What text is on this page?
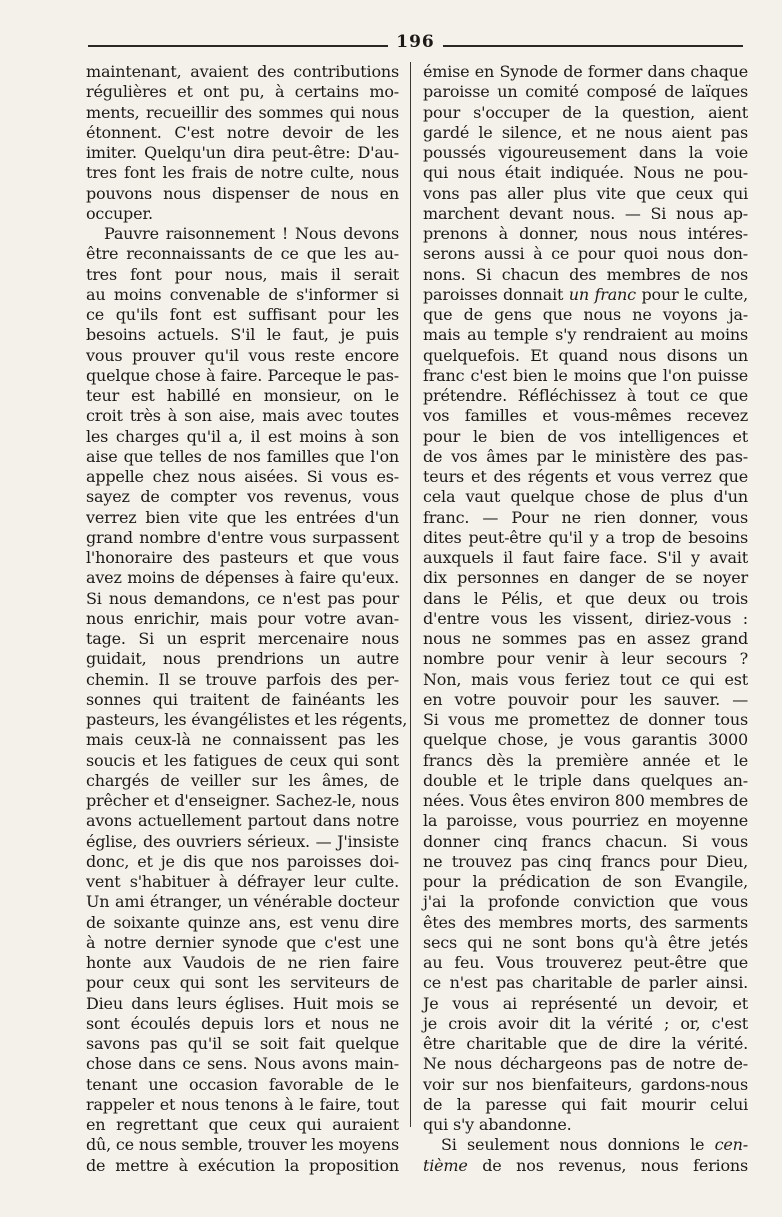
196
maintenant, avaient des contributions
régulières et ont pu, à certains mo-
ments, recueillir des sommes qui nous
étonnent. C'est notre devoir de les
imiter. Quelqu'un dira peut-être: D'au-
tres font les frais de notre culte, nous
pouvons nous dispenser de nous en
occuper.
Pauvre raisonnement ! Nous devons
être reconnaissants de ce que les au-
tres font pour nous, mais il serait
au moins convenable de s'informer si
ce qu'ils font est suffisant pour les
besoins actuels. S'il le faut, je puis
vous prouver qu'il vous reste encore
quelque chose à faire. Parceque le pas-
teur est habillé en monsieur, on le
croit très à son aise, mais avec toutes
les charges qu'il a, il est moins à son
aise que telles de nos familles que l'on
appelle chez nous aisées. Si vous es-
sayez de compter vos revenus, vous
verrez bien vite que les entrées d'un
grand nombre d'entre vous surpassent
l'honoraire des pasteurs et que vous
avez moins de dépenses à faire qu'eux.
Si nous demandons, ce n'est pas pour
nous enrichir, mais pour votre avan-
tage. Si un esprit mercenaire nous
guidait, nous prendrions un autre
chemin. Il se trouve parfois des per-
sonnes qui traitent de fainéants les
pasteurs, les évangélistes et les régents,
mais ceux-là ne connaissent pas les
soucis et les fatigues de ceux qui sont
chargés de veiller sur les âmes, de
prêcher et d'enseigner. Sachez-le, nous
avons actuellement partout dans notre
église, des ouvriers sérieux. — J'insiste
donc, et je dis que nos paroisses doi-
vent s'habituer à défrayer leur culte.
Un ami étranger, un vénérable docteur
de soixante quinze ans, est venu dire
à notre dernier synode que c'est une
honte aux Vaudois de ne rien faire
pour ceux qui sont les serviteurs de
Dieu dans leurs églises. Huit mois se
sont écoulés depuis lors et nous ne
savons pas qu'il se soit fait quelque
chose dans ce sens. Nous avons main-
tenant une occasion favorable de le
rappeler et nous tenons à le faire, tout
en regrettant que ceux qui auraient
dû, ce nous semble, trouver les moyens
de mettre à exécution la proposition
émise en Synode de former dans chaque
paroisse un comité composé de laïques
pour s'occuper de la question, aient
gardé le silence, et ne nous aient pas
poussés vigoureusement dans la voie
qui nous était indiquée. Nous ne pou-
vons pas aller plus vite que ceux qui
marchent devant nous. — Si nous ap-
prenons à donner, nous nous intéres-
serons aussi à ce pour quoi nous don-
nons. Si chacun des membres de nos
paroisses donnait un franc pour le culte,
que de gens que nous ne voyons ja-
mais au temple s'y rendraient au moins
quelquefois. Et quand nous disons un
franc c'est bien le moins que l'on puisse
prétendre. Réfléchissez à tout ce que
vos familles et vous-mêmes recevez
pour le bien de vos intelligences et
de vos âmes par le ministère des pas-
teurs et des régents et vous verrez que
cela vaut quelque chose de plus d'un
franc. — Pour ne rien donner, vous
dites peut-être qu'il y a trop de besoins
auxquels il faut faire face. S'il y avait
dix personnes en danger de se noyer
dans le Pélis, et que deux ou trois
d'entre vous les vissent, diriez-vous :
nous ne sommes pas en assez grand
nombre pour venir à leur secours ?
Non, mais vous feriez tout ce qui est
en votre pouvoir pour les sauver. —
Si vous me promettez de donner tous
quelque chose, je vous garantis 3000
francs dès la première année et le
double et le triple dans quelques an-
nées. Vous êtes environ 800 membres de
la paroisse, vous pourriez en moyenne
donner cinq francs chacun. Si vous
ne trouvez pas cinq francs pour Dieu,
pour la prédication de son Evangile,
j'ai la profonde conviction que vous
êtes des membres morts, des sarments
secs qui ne sont bons qu'à être jetés
au feu. Vous trouverez peut-être que
ce n'est pas charitable de parler ainsi.
Je vous ai représenté un devoir, et
je crois avoir dit la vérité ; or, c'est
être charitable que de dire la vérité.
Ne nous déchargeons pas de notre de-
voir sur nos bienfaiteurs, gardons-nous
de la paresse qui fait mourir celui
qui s'y abandonne.
Si seulement nous donnions le cen-
tième de nos revenus, nous ferions
